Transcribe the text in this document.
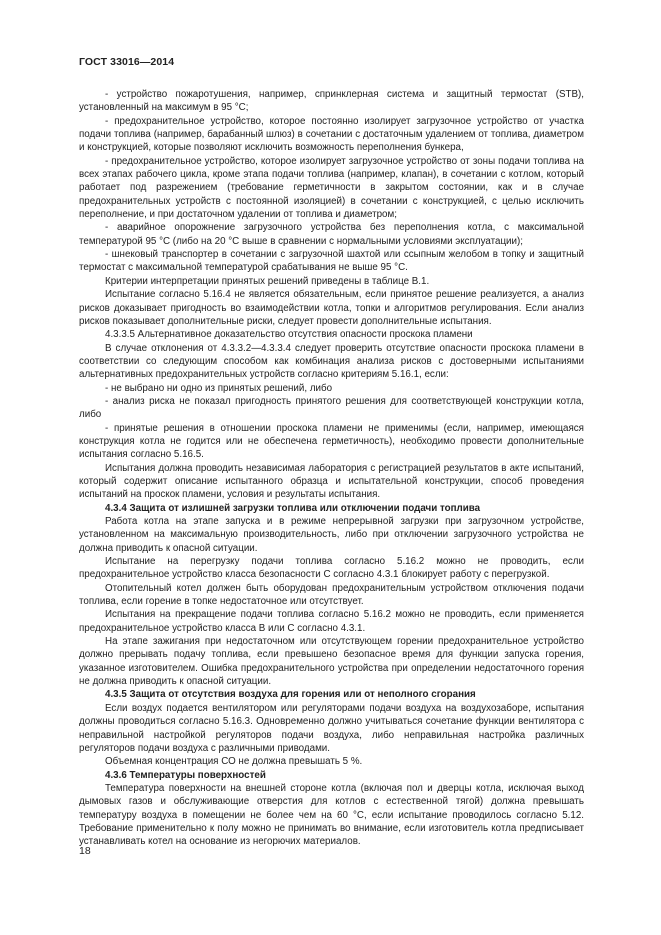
ГОСТ 33016—2014

- устройство пожаротушения, например, спринклерная система и защитный термостат (STB), установленный на максимум в 95 °С;

- предохранительное устройство, которое постоянно изолирует загрузочное устройство от участка подачи топлива (например, барабанный шлюз) в сочетании с достаточным удалением от топлива, диаметром и конструкцией, которые позволяют исключить возможность переполнения бункера,

- предохранительное устройство, которое изолирует загрузочное устройство от зоны подачи топлива на всех этапах рабочего цикла, кроме этапа подачи топлива (например, клапан), в сочетании с котлом, который работает под разрежением (требование герметичности в закрытом состоянии, как и в случае предохранительных устройств с постоянной изоляцией) в сочетании с конструкцией, с целью исключить переполнение, и при достаточном удалении от топлива и диаметром;

- аварийное опорожнение загрузочного устройства без переполнения котла, с максимальной температурой 95 °С (либо на 20 °С выше в сравнении с нормальными условиями эксплуатации);

- шнековый транспортер в сочетании с загрузочной шахтой или ссыпным желобом в топку и защитный термостат с максимальной температурой срабатывания не выше 95 °С.

Критерии интерпретации принятых решений приведены в таблице В.1.

Испытание согласно 5.16.4 не является обязательным, если принятое решение реализуется, а анализ рисков доказывает пригодность во взаимодействии котла, топки и алгоритмов регулирования. Если анализ рисков показывает дополнительные риски, следует провести дополнительные испытания.

4.3.3.5 Альтернативное доказательство отсутствия опасности проскока пламени

В случае отклонения от 4.3.3.2—4.3.3.4 следует проверить отсутствие опасности проскока пламени в соответствии со следующим способом как комбинация анализа рисков с достоверными испытаниями альтернативных предохранительных устройств согласно критериям 5.16.1, если:

- не выбрано ни одно из принятых решений, либо

- анализ риска не показал пригодность принятого решения для соответствующей конструкции котла, либо

- принятые решения в отношении проскока пламени не применимы (если, например, имеющаяся конструкция котла не годится или не обеспечена герметичность), необходимо провести дополнительные испытания согласно 5.16.5.

Испытания должна проводить независимая лаборатория с регистрацией результатов в акте испытаний, который содержит описание испытанного образца и испытательной конструкции, способ проведения испытаний на проскок пламени, условия и результаты испытания.

4.3.4 Защита от излишней загрузки топлива или отключении подачи топлива

Работа котла на этапе запуска и в режиме непрерывной загрузки при загрузочном устройстве, установленном на максимальную производительность, либо при отключении загрузочного устройства не должна приводить к опасной ситуации.

Испытание на перегрузку подачи топлива согласно 5.16.2 можно не проводить, если предохранительное устройство класса безопасности С согласно 4.3.1 блокирует работу с перегрузкой.

Отопительный котел должен быть оборудован предохранительным устройством отключения подачи топлива, если горение в топке недостаточное или отсутствует.

Испытания на прекращение подачи топлива согласно 5.16.2 можно не проводить, если применяется предохранительное устройство класса В или С согласно 4.3.1.

На этапе зажигания при недостаточном или отсутствующем горении предохранительное устройство должно прерывать подачу топлива, если превышено безопасное время для функции запуска горения, указанное изготовителем. Ошибка предохранительного устройства при определении недостаточного горения не должна приводить к опасной ситуации.

4.3.5 Защита от отсутствия воздуха для горения или от неполного сгорания

Если воздух подается вентилятором или регуляторами подачи воздуха на воздухозаборе, испытания должны проводиться согласно 5.16.3. Одновременно должно учитываться сочетание функции вентилятора с неправильной настройкой регуляторов подачи воздуха, либо неправильная настройка различных регуляторов подачи воздуха с различными приводами.

Объемная концентрация СО не должна превышать 5 %.

4.3.6 Температуры поверхностей

Температура поверхности на внешней стороне котла (включая пол и дверцы котла, исключая выход дымовых газов и обслуживающие отверстия для котлов с естественной тягой) должна превышать температуру воздуха в помещении не более чем на 60 °С, если испытание проводилось согласно 5.12. Требование применительно к полу можно не принимать во внимание, если изготовитель котла предписывает устанавливать котел на основание из негорючих материалов.

18
